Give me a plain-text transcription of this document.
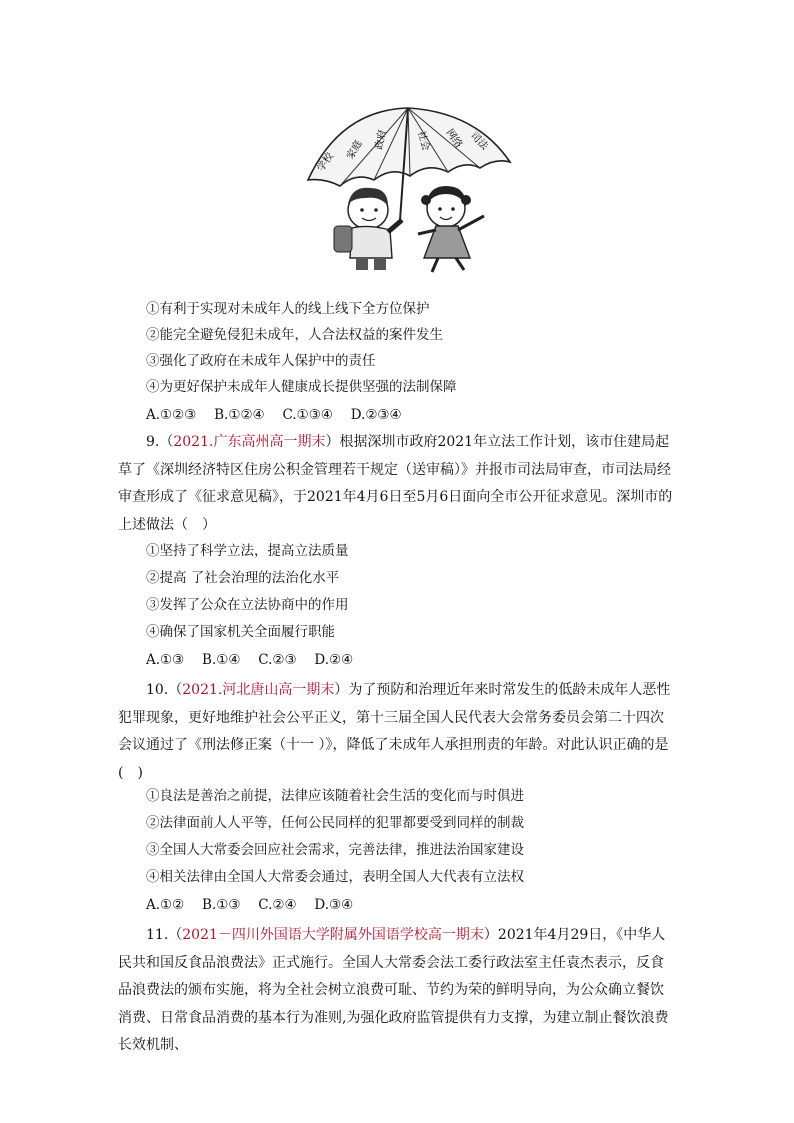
学校
家庭 政府	社会 网络 司法
①有利于实现对未成年人的线上线下全方位保护
②能完全避免侵犯未成年，人合法权益的案件发生
③强化了政府在未成年人保护中的责任
④为更好保护未成年人健康成长提供坚强的法制保障
A.①②③　 B.①②④　 C.①③④　 D.②③④
9.（2021.广东高州高一期末）根据深圳市政府2021年立法工作计划，该市住建局起草了《深圳经济特区住房公积金管理若干规定（送审稿）》并报市司法局审查，市司法局经审查形成了《征求意见稿》，于2021年4月6日至5月6日面向全市公开征求意见。深圳市的上述做法（　）
①坚持了科学立法，提高立法质量
②提高 了社会治理的法治化水平
③发挥了公众在立法协商中的作用
④确保了国家机关全面履行职能
A.①③　 B.①④　 C.②③　 D.②④
10.（2021.河北唐山高一期末）为了预防和治理近年来时常发生的低龄未成年人恶性犯罪现象，更好地维护社会公平正义，第十三届全国人民代表大会常务委员会第二十四次会议通过了《刑法修正案（十一 ）》，降低了未成年人承担刑责的年龄。对此认识正确的是(　)
①良法是善治之前提，法律应该随着社会生活的变化而与时俱进
②法律面前人人平等，任何公民同样的犯罪都要受到同样的制裁
③全国人大常委会回应社会需求，完善法律，推进法治国家建设
④相关法律由全国人大常委会通过，表明全国人大代表有立法权
A.①②　 B.①③　 C.②④　 D.③④
11.（2021－四川外国语大学附属外国语学校高一期末）2021年4月29日，《中华人民共和国反食品浪费法》正式施行。全国人大常委会法工委行政法室主任袁杰表示，反食品浪费法的颁布实施，将为全社会树立浪费可耻、节约为荣的鲜明导向，为公众确立餐饮消费、日常食品消费的基本行为准则,为强化政府监管提供有力支撑，为建立制止餐饮浪费长效机制、
